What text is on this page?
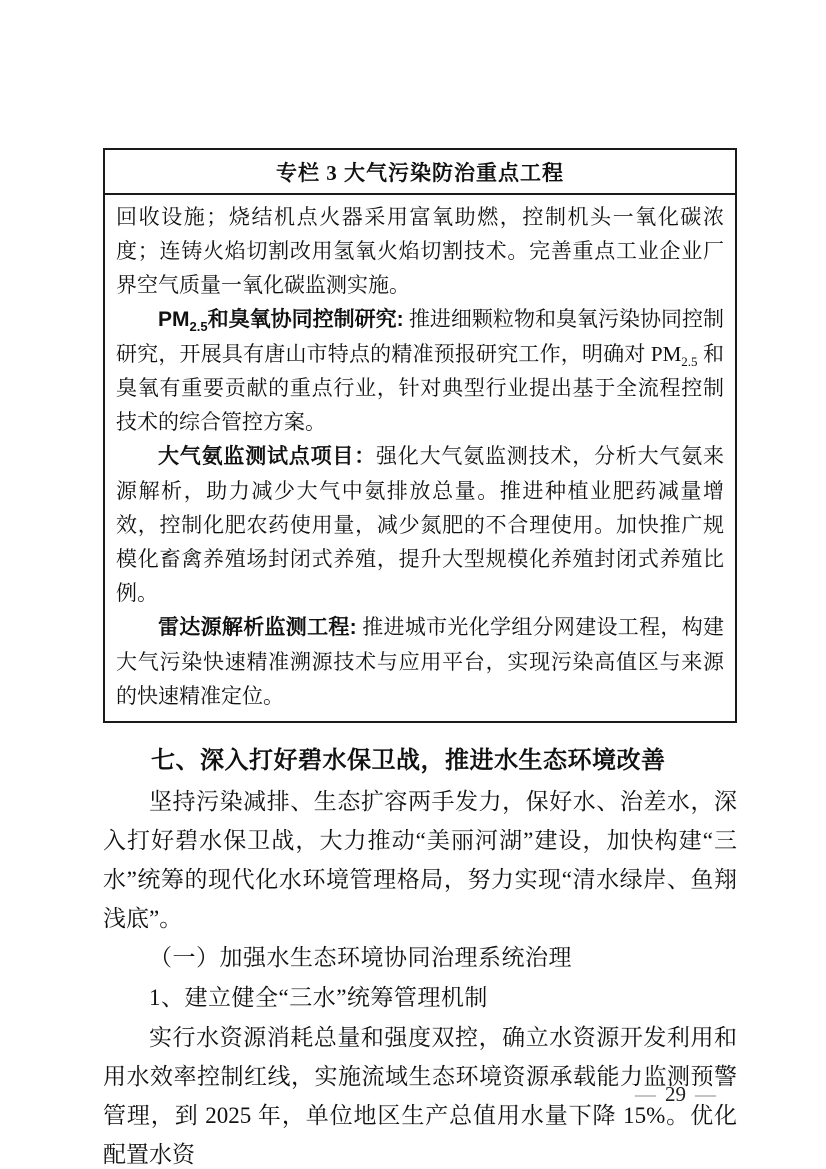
专栏 3 大气污染防治重点工程

回收设施；烧结机点火器采用富氧助燃，控制机头一氧化碳浓度；连铸火焰切割改用氢氧火焰切割技术。完善重点工业企业厂界空气质量一氧化碳监测实施。

$PM_{2.5}$和臭氧协同控制研究: 推进细颗粒物和臭氧污染协同控制研究，开展具有唐山市特点的精准预报研究工作，明确对 $PM_{2.5}$ 和臭氧有重要贡献的重点行业，针对典型行业提出基于全流程控制技术的综合管控方案。

大气氨监测试点项目：强化大气氨监测技术，分析大气氨来源解析，助力减少大气中氨排放总量。推进种植业肥药减量增效，控制化肥农药使用量，减少氮肥的不合理使用。加快推广规模化畜禽养殖场封闭式养殖，提升大型规模化养殖封闭式养殖比例。

雷达源解析监测工程: 推进城市光化学组分网建设工程，构建大气污染快速精准溯源技术与应用平台，实现污染高值区与来源的快速精准定位。

七、深入打好碧水保卫战，推进水生态环境改善

坚持污染减排、生态扩容两手发力，保好水、治差水，深入打好碧水保卫战，大力推动“美丽河湖”建设，加快构建“三水”统筹的现代化水环境管理格局，努力实现“清水绿岸、鱼翔浅底”。

（一）加强水生态环境协同治理系统治理
1、建立健全“三水”统筹管理机制

实行水资源消耗总量和强度双控，确立水资源开发利用和用水效率控制红线，实施流域生态环境资源承载能力监测预警管理，到 2025 年，单位地区生产总值用水量下降 15%。优化配置水资

— 29 —
